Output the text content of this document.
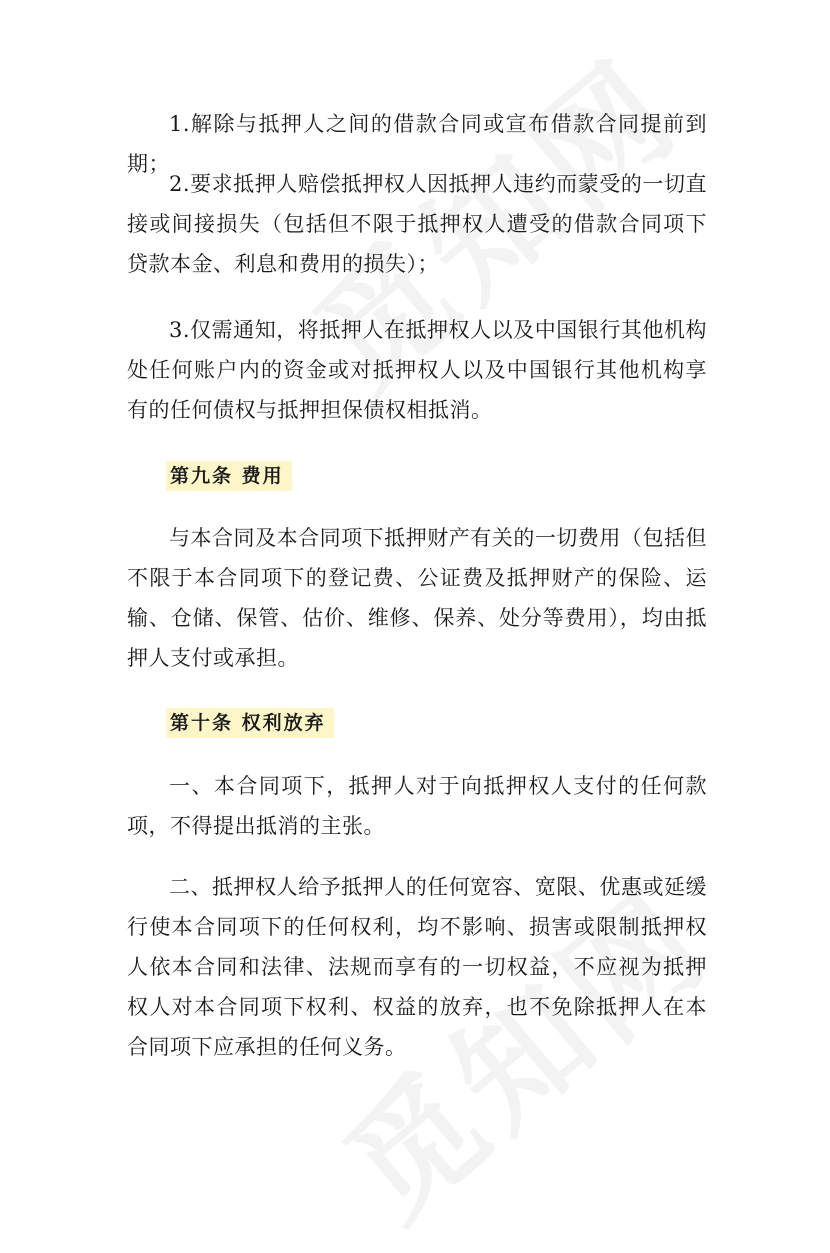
1.解除与抵押人之间的借款合同或宣布借款合同提前到期；

2.要求抵押人赔偿抵押权人因抵押人违约而蒙受的一切直接或间接损失（包括但不限于抵押权人遭受的借款合同项下贷款本金、利息和费用的损失）；

3.仅需通知，将抵押人在抵押权人以及中国银行其他机构处任何账户内的资金或对抵押权人以及中国银行其他机构享有的任何债权与抵押担保债权相抵消。

第九条 费用

与本合同及本合同项下抵押财产有关的一切费用（包括但不限于本合同项下的登记费、公证费及抵押财产的保险、运输、仓储、保管、估价、维修、保养、处分等费用），均由抵押人支付或承担。

第十条 权利放弃

一、本合同项下，抵押人对于向抵押权人支付的任何款项，不得提出抵消的主张。

二、抵押权人给予抵押人的任何宽容、宽限、优惠或延缓行使本合同项下的任何权利，均不影响、损害或限制抵押权人依本合同和法律、法规而享有的一切权益，不应视为抵押权人对本合同项下权利、权益的放弃，也不免除抵押人在本合同项下应承担的任何义务。
